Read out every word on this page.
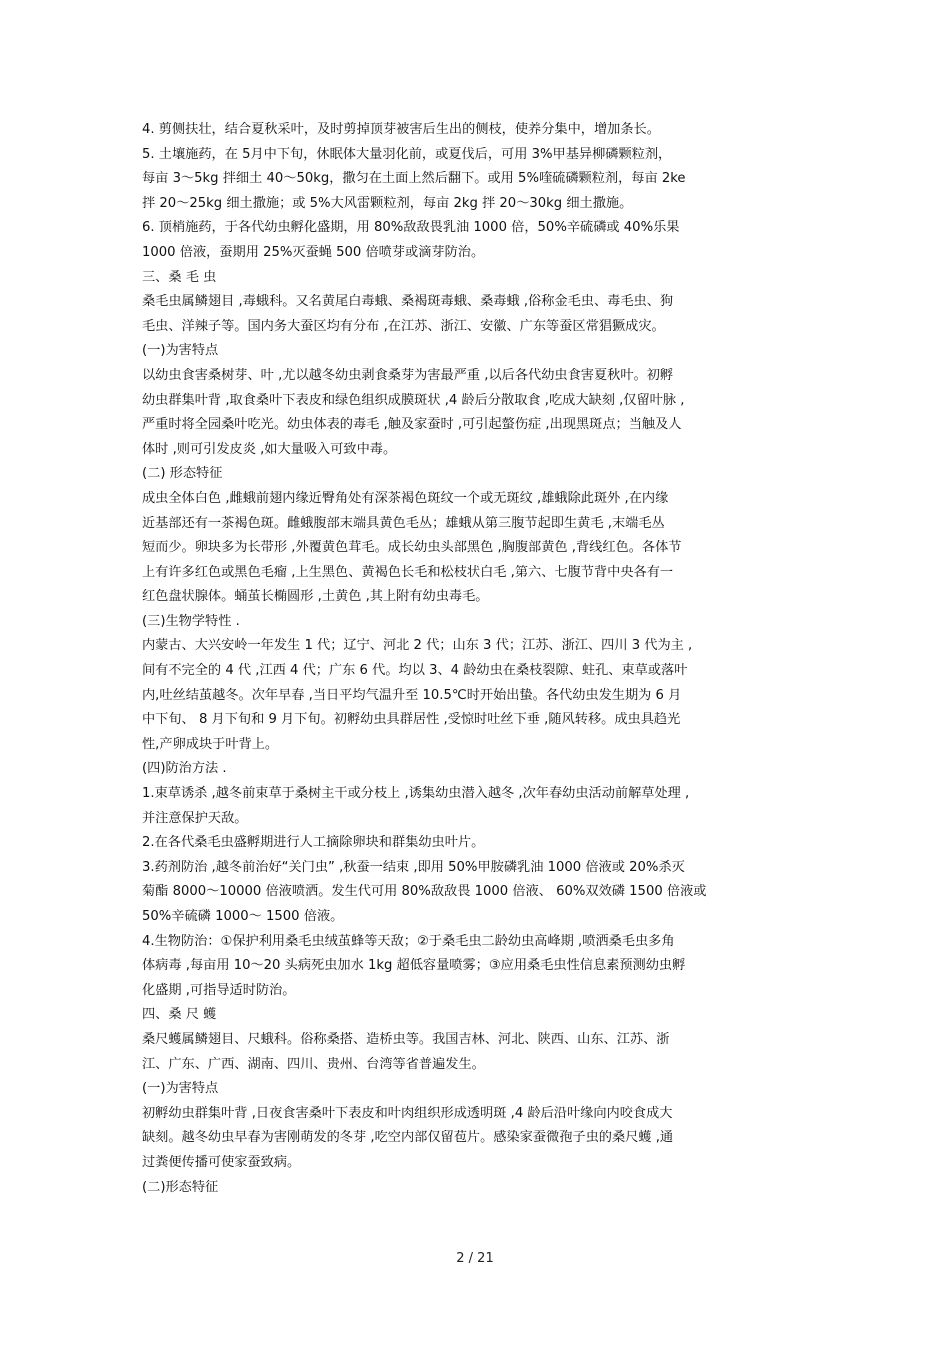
4. 剪侧扶壮，结合夏秋采叶，及时剪掉顶芽被害后生出的侧枝，使养分集中，增加条长。
5. 土壤施药，在 5月中下旬，休眠体大量羽化前，或夏伐后，可用 3%甲基异柳磷颗粒剂，
每亩 3～5kg 拌细土 40～50kg，撒匀在土面上然后翻下。或用 5%喹硫磷颗粒剂，每亩 2ke
拌 20～25kg 细土撒施；或 5%大风雷颗粒剂，每亩 2kg 拌 20～30kg 细土撒施。
6. 顶梢施药，于各代幼虫孵化盛期，用 80%敌敌畏乳油 1000 倍，50%辛硫磷或 40%乐果
1000 倍液，蚕期用 25%灭蚕蝇 500 倍喷芽或滴芽防治。
三、桑 毛 虫
桑毛虫属鳞翅目 ,毒蛾科。又名黄尾白毒蛾、桑褐斑毒蛾、桑毒蛾 ,俗称金毛虫、毒毛虫、狗
毛虫、洋辣子等。国内务大蚕区均有分布 ,在江苏、浙江、安徽、广东等蚕区常猖獗成灾。
(一)为害特点
以幼虫食害桑树芽、叶 ,尤以越冬幼虫剥食桑芽为害最严重 ,以后各代幼虫食害夏秋叶。初孵
幼虫群集叶背 ,取食桑叶下表皮和绿色组织成膜斑状 ,4 龄后分散取食 ,吃成大缺刻 ,仅留叶脉 ,
严重时将全园桑叶吃光。幼虫体表的毒毛 ,触及家蚕时 ,可引起螫伤症 ,出现黑斑点；当触及人
体时 ,则可引发皮炎 ,如大量吸入可致中毒。
(二) 形态特征
成虫全体白色 ,雌蛾前翅内缘近臀角处有深茶褐色斑纹一个或无斑纹 ,雄蛾除此斑外 ,在内缘
近基部还有一茶褐色斑。雌蛾腹部末端具黄色毛丛；雄蛾从第三腹节起即生黄毛 ,末端毛丛
短而少。卵块多为长带形 ,外覆黄色茸毛。成长幼虫头部黑色 ,胸腹部黄色 ,背线红色。各体节
上有许多红色或黑色毛瘤 ,上生黑色、黄褐色长毛和松枝状白毛 ,第六、七腹节背中央各有一
红色盘状腺体。蛹茧长椭圆形 ,土黄色 ,其上附有幼虫毒毛。
(三)生物学特性 .
内蒙古、大兴安岭一年发生 1 代；辽宁、河北 2 代；山东 3 代；江苏、浙江、四川 3 代为主 ,
间有不完全的 4 代 ,江西 4 代；广东 6 代。均以 3、4 龄幼虫在桑枝裂隙、蛀孔、束草或落叶
内,吐丝结茧越冬。次年早春 ,当日平均气温升至 10.5℃时开始出蛰。各代幼虫发生期为 6 月
中下旬、 8 月下旬和 9 月下旬。初孵幼虫具群居性 ,受惊时吐丝下垂 ,随风转移。成虫具趋光
性,产卵成块于叶背上。
(四)防治方法 .
1.束草诱杀 ,越冬前束草于桑树主干或分枝上 ,诱集幼虫潜入越冬 ,次年春幼虫活动前解草处理 ,
并注意保护天敌。
2.在各代桑毛虫盛孵期进行人工摘除卵块和群集幼虫叶片。
3.药剂防治 ,越冬前治好“关门虫” ,秋蚕一结束 ,即用 50%甲胺磷乳油 1000 倍液或 20%杀灭
菊酯 8000～10000 倍液喷洒。发生代可用 80%敌敌畏 1000 倍液、 60%双效磷 1500 倍液或
50%辛硫磷 1000～ 1500 倍液。
4.生物防治：①保护利用桑毛虫绒茧蜂等天敌；②于桑毛虫二龄幼虫高峰期 ,喷洒桑毛虫多角
体病毒 ,每亩用 10～20 头病死虫加水 1kg 超低容量喷雾；③应用桑毛虫性信息素预测幼虫孵
化盛期 ,可指导适时防治。
四、桑 尺 蠖
桑尺蠖属鳞翅目、尺蛾科。俗称桑搭、造桥虫等。我国吉林、河北、陕西、山东、江苏、浙
江、广东、广西、湖南、四川、贵州、台湾等省普遍发生。
(一)为害特点
初孵幼虫群集叶背 ,日夜食害桑叶下表皮和叶肉组织形成透明斑 ,4 龄后沿叶缘向内咬食成大
缺刻。越冬幼虫早春为害刚萌发的冬芽 ,吃空内部仅留苞片。感染家蚕微孢子虫的桑尺蠖 ,通
过粪便传播可使家蚕致病。
(二)形态特征
2 / 21
